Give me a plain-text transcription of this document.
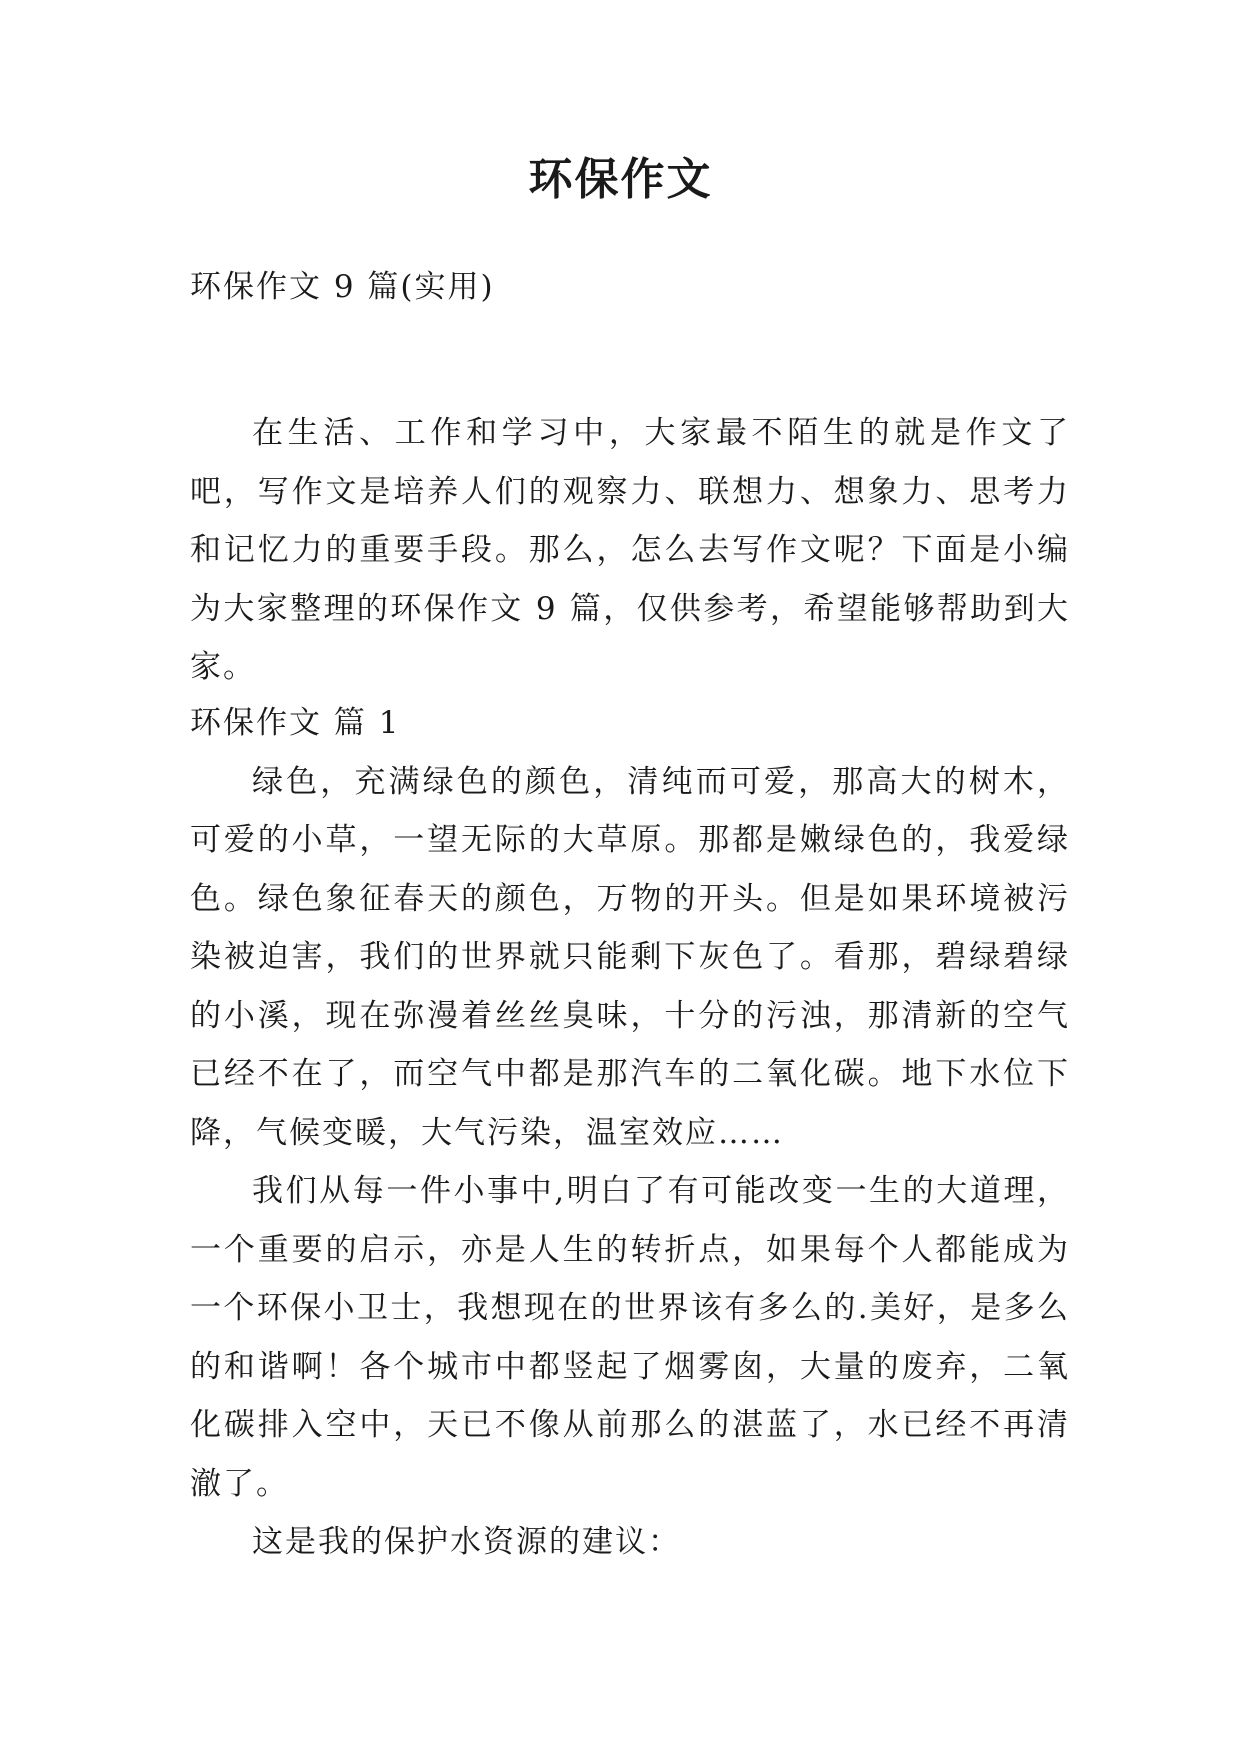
环保作文
环保作文 9 篇(实用)

在生活、工作和学习中，大家最不陌生的就是作文了吧，写作文是培养人们的观察力、联想力、想象力、思考力和记忆力的重要手段。那么，怎么去写作文呢？下面是小编为大家整理的环保作文 9 篇，仅供参考，希望能够帮助到大家。

环保作文 篇 1

绿色，充满绿色的颜色，清纯而可爱，那高大的树木，可爱的小草，一望无际的大草原。那都是嫩绿色的，我爱绿色。绿色象征春天的颜色，万物的开头。但是如果环境被污染被迫害，我们的世界就只能剩下灰色了。看那，碧绿碧绿的小溪，现在弥漫着丝丝臭味，十分的污浊，那清新的空气已经不在了，而空气中都是那汽车的二氧化碳。地下水位下降，气候变暖，大气污染，温室效应……

我们从每一件小事中,明白了有可能改变一生的大道理，一个重要的启示，亦是人生的转折点，如果每个人都能成为一个环保小卫士，我想现在的世界该有多么的.美好，是多么的和谐啊！各个城市中都竖起了烟雾囱，大量的废弃，二氧化碳排入空中，天已不像从前那么的湛蓝了，水已经不再清澈了。

这是我的保护水资源的建议：
